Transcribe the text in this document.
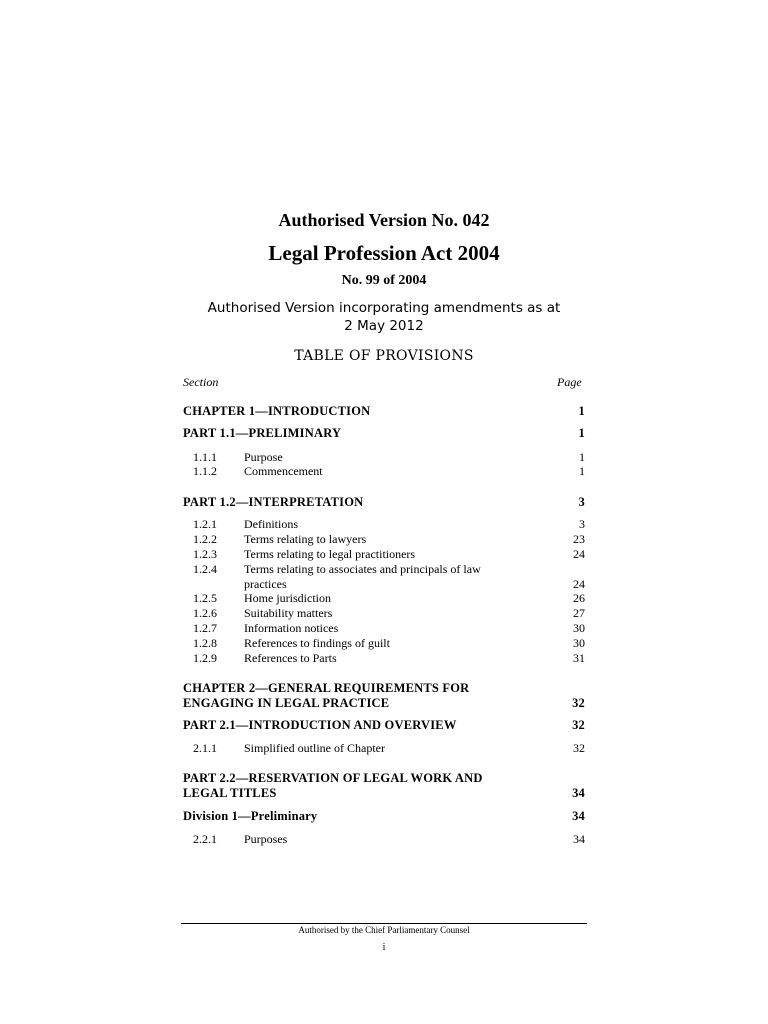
Authorised Version No. 042
Legal Profession Act 2004
No. 99 of 2004
Authorised Version incorporating amendments as at
2 May 2012
TABLE OF PROVISIONS
Section	Page
CHAPTER 1—INTRODUCTION	1
PART 1.1—PRELIMINARY	1
1.1.1 Purpose	1
1.1.2 Commencement	1
PART 1.2—INTERPRETATION	3
1.2.1 Definitions	3
1.2.2 Terms relating to lawyers	23
1.2.3 Terms relating to legal practitioners	24
1.2.4 Terms relating to associates and principals of law practices	24
1.2.5 Home jurisdiction	26
1.2.6 Suitability matters	27
1.2.7 Information notices	30
1.2.8 References to findings of guilt	30
1.2.9 References to Parts	31
CHAPTER 2—GENERAL REQUIREMENTS FOR
ENGAGING IN LEGAL PRACTICE	32
PART 2.1—INTRODUCTION AND OVERVIEW	32
2.1.1 Simplified outline of Chapter	32
PART 2.2—RESERVATION OF LEGAL WORK AND
LEGAL TITLES	34
Division 1—Preliminary	34
2.2.1 Purposes	34
Authorised by the Chief Parliamentary Counsel
i
